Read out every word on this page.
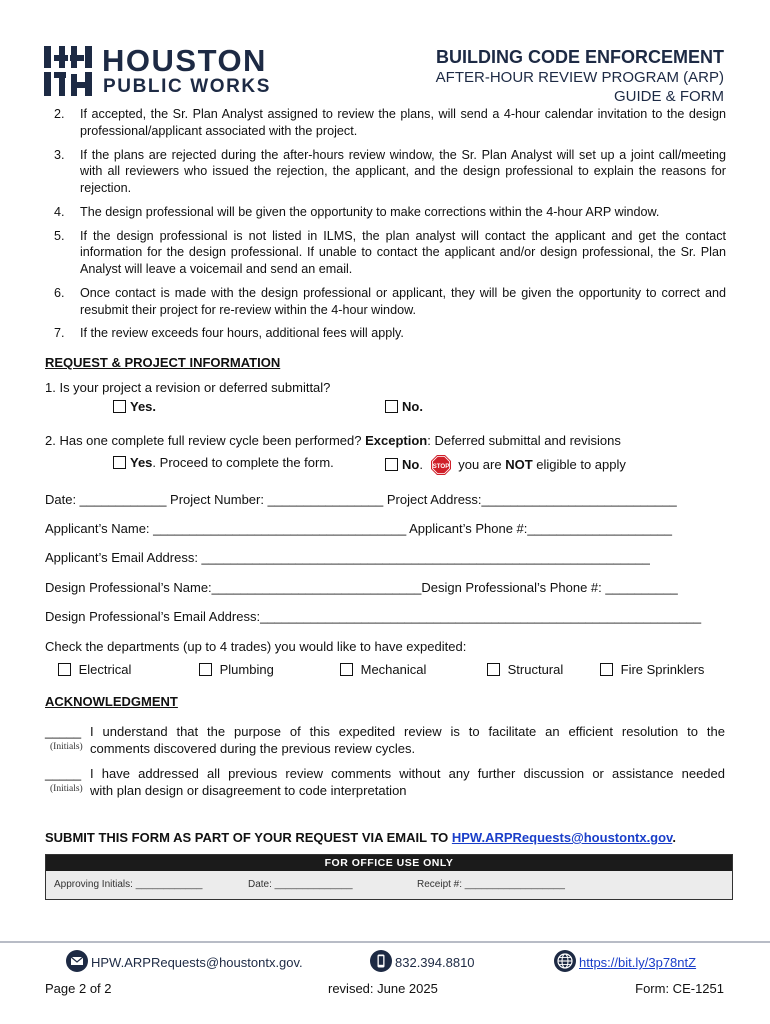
HOUSTON
PUBLIC WORKS
BUILDING CODE ENFORCEMENT
AFTER-HOUR REVIEW PROGRAM (ARP)
GUIDE & FORM
2. If accepted, the Sr. Plan Analyst assigned to review the plans, will send a 4-hour calendar invitation to the design professional/applicant associated with the project.
3. If the plans are rejected during the after-hours review window, the Sr. Plan Analyst will set up a joint call/meeting with all reviewers who issued the rejection, the applicant, and the design professional to explain the reasons for rejection.
4. The design professional will be given the opportunity to make corrections within the 4-hour ARP window.
5. If the design professional is not listed in ILMS, the plan analyst will contact the applicant and get the contact information for the design professional. If unable to contact the applicant and/or design professional, the Sr. Plan Analyst will leave a voicemail and send an email.
6. Once contact is made with the design professional or applicant, they will be given the opportunity to correct and resubmit their project for re-review within the 4-hour window.
7. If the review exceeds four hours, additional fees will apply.
REQUEST & PROJECT INFORMATION
1. Is your project a revision or deferred submittal?
Yes.	No.
2. Has one complete full review cycle been performed? Exception: Deferred submittal and revisions
Yes. Proceed to complete the form.	No. STOP you are NOT eligible to apply
Date: ____________ Project Number: ________________ Project Address:___________________________
Applicant’s Name: ___________________________________ Applicant’s Phone #:____________________
Applicant’s Email Address: ______________________________________________________________
Design Professional’s Name:_____________________________Design Professional’s Phone #: __________
Design Professional’s Email Address:_____________________________________________________________
Check the departments (up to 4 trades) you would like to have expedited:
Electrical	Plumbing	Mechanical	Structural	Fire Sprinklers
ACKNOWLEDGMENT
_____ I understand that the purpose of this expedited review is to facilitate an efficient resolution to the
(Initials) comments discovered during the previous review cycles.
_____ I have addressed all previous review comments without any further discussion or assistance needed
(Initials) with plan design or disagreement to code interpretation
SUBMIT THIS FORM AS PART OF YOUR REQUEST VIA EMAIL TO HPW.ARPRequests@houstontx.gov.
FOR OFFICE USE ONLY
Approving Initials: ____________	Date: ______________	Receipt #: __________________
HPW.ARPRequests@houstontx.gov.	832.394.8810	https://bit.ly/3p78ntZ
Page 2 of 2	revised: June 2025	Form: CE-1251
